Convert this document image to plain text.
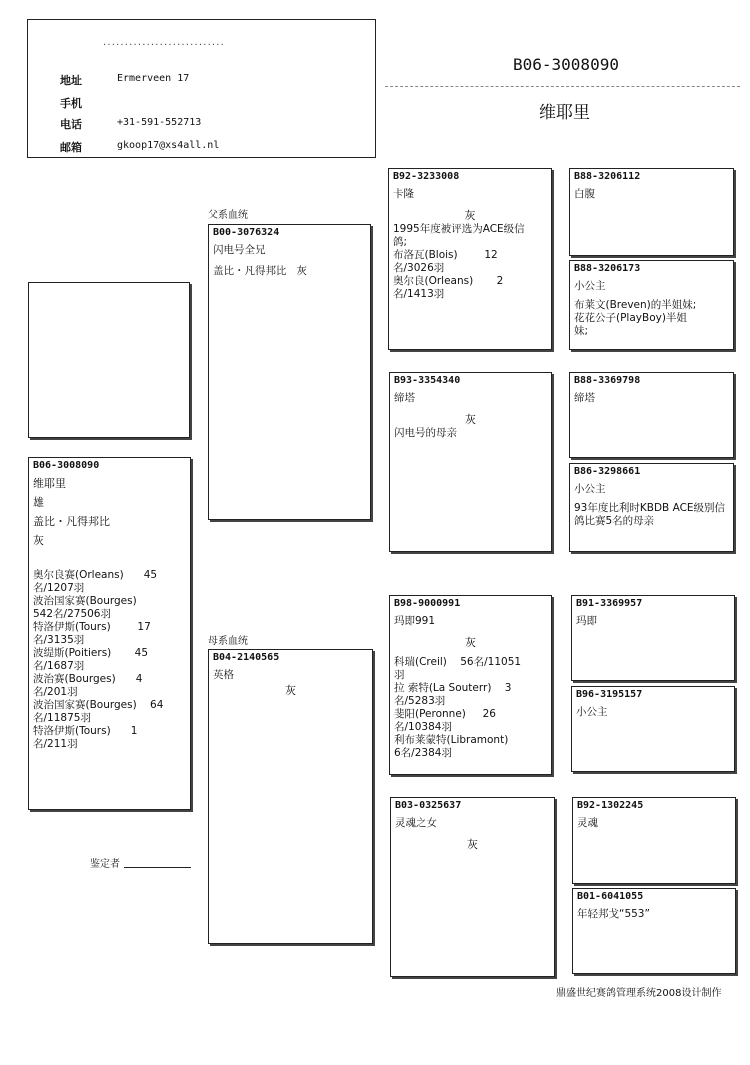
. . . . . . . . . . . . . . . . . . . . . . . . . . . .
地址	Ermerveen 17
手机
电话	+31-591-552713
邮箱	gkoop17@xs4all.nl
B06-3008090
维耶里
B06-3008090
维耶里
雄
盖比・凡得邦比
灰
奥尔良赛(Orleans)      45
名/1207羽
波治国家赛(Bourges)
542名/27506羽
特洛伊斯(Tours)        17
名/3135羽
波缇斯(Poitiers)       45
名/1687羽
波治赛(Bourges)      4
名/201羽
波治国家赛(Bourges)    64
名/11875羽
特洛伊斯(Tours)      1
名/211羽
鉴定者
父系血统
B00-3076324
闪电号全兄
盖比・凡得邦比 灰
母系血统
B04-2140565
英格
灰
B92-3233008
卡隆
灰
1995年度被评选为ACE级信
鸽;
布洛瓦(Blois)        12
名/3026羽
奥尔良(Orleans)       2
名/1413羽
B93-3354340
缔塔
灰
闪电号的母亲
B98-9000991
玛即991
灰
科瑞(Creil)    56名/11051
羽
拉 索特(La Souterr)    3
名/5283羽
斐阳(Peronne)     26
名/10384羽
利布莱蒙特(Libramont)
6名/2384羽
B03-0325637
灵魂之女
灰
B88-3206112
白腹
B88-3206173
小公主
布莱文(Breven)的半姐妹;
花花公子(PlayBoy)半姐
妹;
B88-3369798
缔塔
B86-3298661
小公主
93年度比利时KBDB ACE级别信
鸽比赛5名的母亲
B91-3369957
玛即
B96-3195157
小公主
B92-1302245
灵魂
B01-6041055
年轻邦戈“553”
鼎盛世纪赛鸽管理系统2008设计制作
